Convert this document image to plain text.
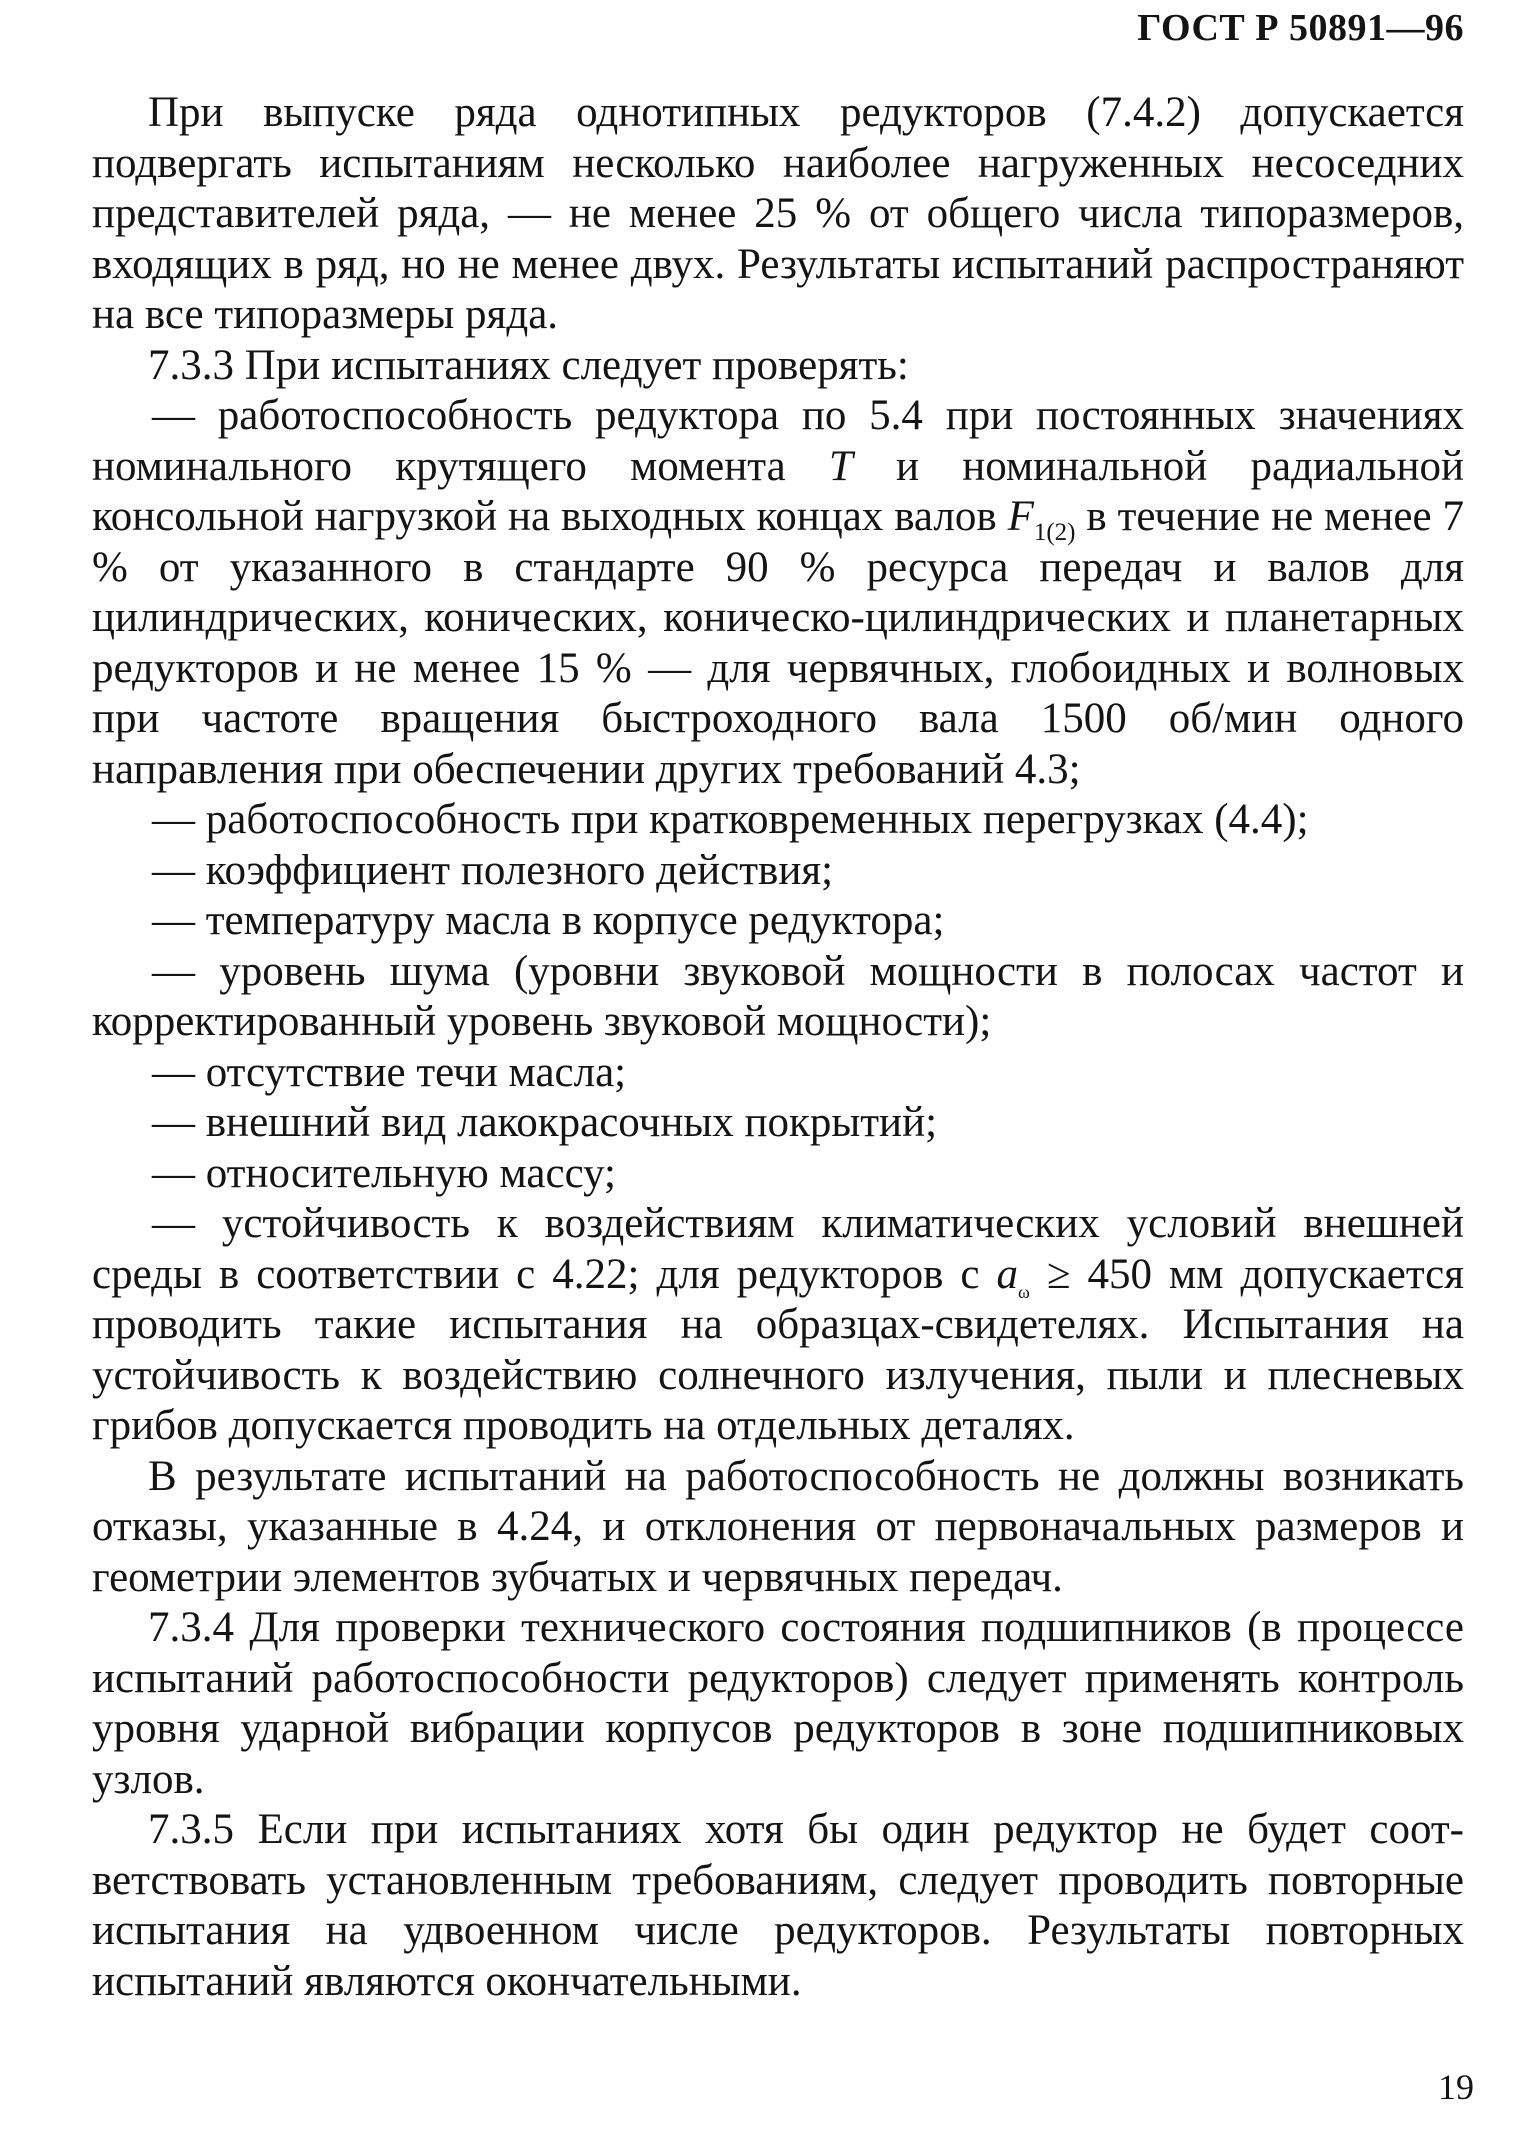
ГОСТ Р 50891—96

При выпуске ряда однотипных редукторов (7.4.2) допускается подвергать испытаниям несколько наиболее нагруженных несоседних представителей ряда, — не менее 25 % от общего числа типоразмеров, входящих в ряд, но не менее двух. Результаты испытаний распространяют на все типоразмеры ряда.

7.3.3 При испытаниях следует проверять:

— работоспособность редуктора по 5.4 при постоянных значениях номинального крутящего момента T и номинальной радиальной консольной нагрузкой на выходных концах валов $F_{1(2)}$ в течение не менее 7 % от указанного в стандарте 90 % ресурса передач и валов для цилиндрических, конических, коническо-цилиндрических и планетарных редукторов и не менее 15 % — для червячных, глобоидных и волновых при частоте вращения быстроходного вала 1500 об/мин одного направления при обеспечении других требований 4.3;

— работоспособность при кратковременных перегрузках (4.4);

— коэффициент полезного действия;

— температуру масла в корпусе редуктора;

— уровень шума (уровни звуковой мощности в полосах частот и корректированный уровень звуковой мощности);

— отсутствие течи масла;

— внешний вид лакокрасочных покрытий;

— относительную массу;

— устойчивость к воздействиям климатических условий внешней среды в соответствии с 4.22; для редукторов с $a_\omega \ge 450$ мм допускается проводить такие испытания на образцах-свидетелях. Испытания на устойчивость к воздействию солнечного излучения, пыли и плесневых грибов допускается проводить на отдельных деталях.

В результате испытаний на работоспособность не должны возникать отказы, указанные в 4.24, и отклонения от первоначальных размеров и геометрии элементов зубчатых и червячных передач.

7.3.4 Для проверки технического состояния подшипников (в процессе испытаний работоспособности редукторов) следует применять контроль уровня ударной вибрации корпусов редукторов в зоне подшипниковых узлов.

7.3.5 Если при испытаниях хотя бы один редуктор не будет соответствовать установленным требованиям, следует проводить повторные испытания на удвоенном числе редукторов. Результаты повторных испытаний являются окончательными.

19
